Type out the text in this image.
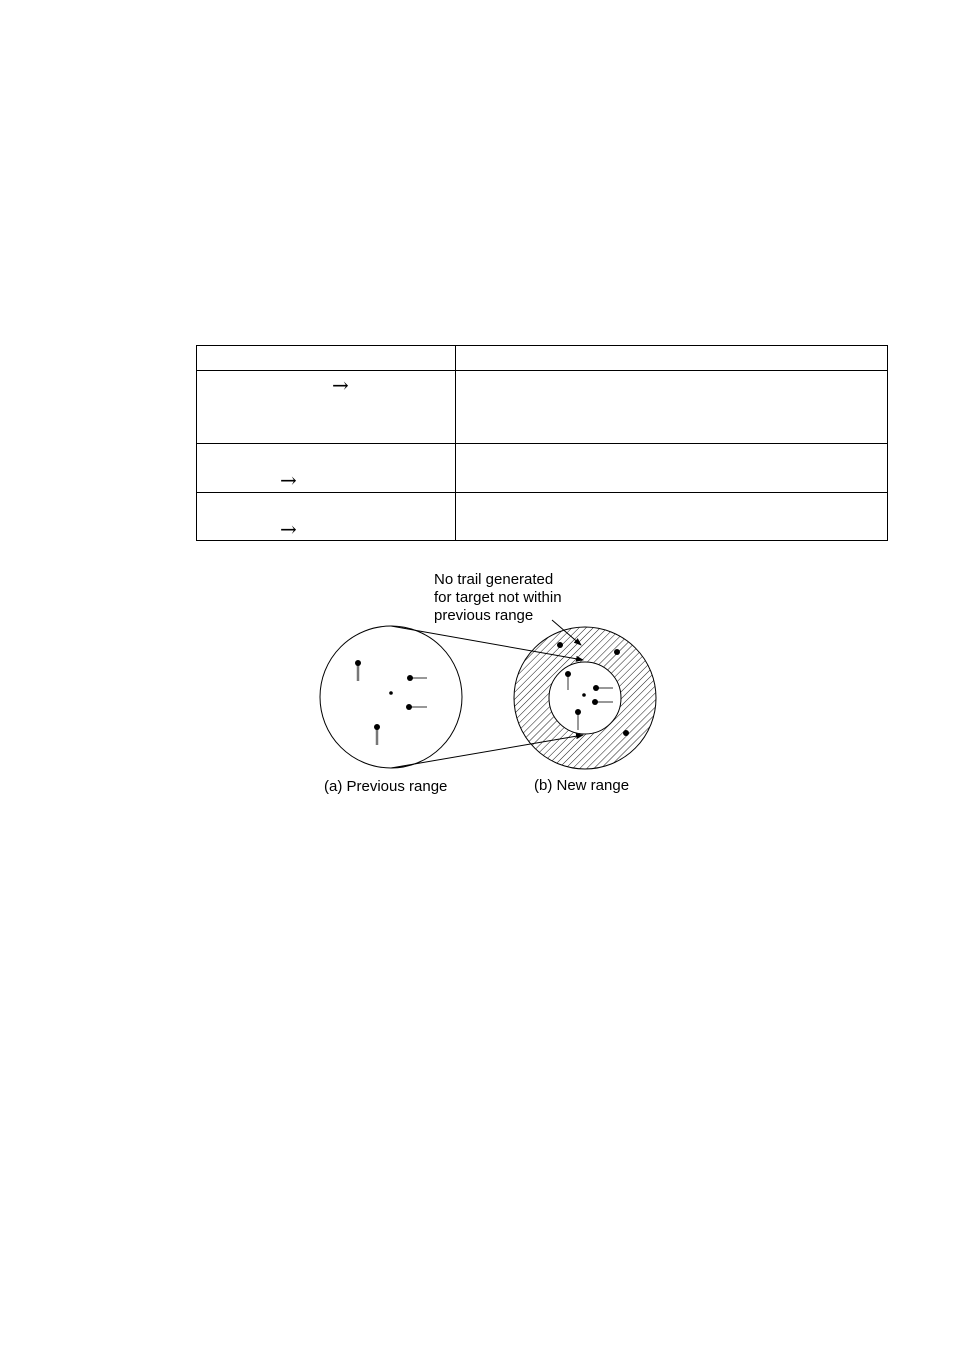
→	

→	

→	

No trail generated
for target not within
previous range
(a) Previous range	(b) New range
